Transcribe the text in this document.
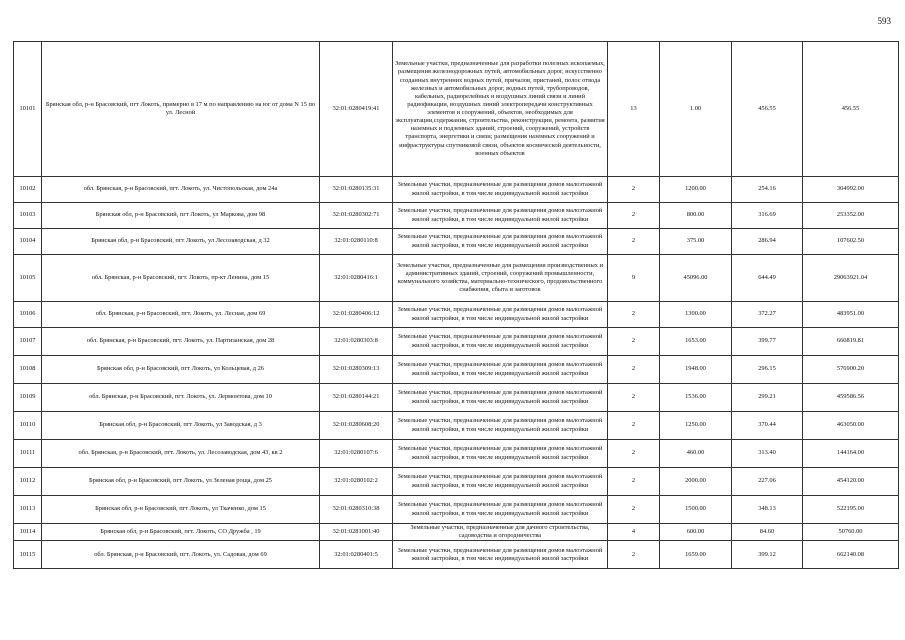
593
10101	Брянская обл, р-н Брасовский, пгт Локоть, примерно в 17 м по направлению на юг от дома N 15 по ул. Лесной	32:01:0280419:41	Земельные участки, предназначенные для разработки полезных ископаемых, размещения железнодорожных путей, автомобильных дорог, искусственно созданных внутренних водных путей, причалов, пристаней, полос отвода железных и автомобильных дорог, водных путей, трубопроводов, кабельных, радиорелейных и воздушных линий связи и линий радиофикации, воздушных линий электропередачи конструктивных элементов и сооружений, объектов, необходимых для эксплуатации,содержания, строительства, реконструкции, ремонта, развития наземных и подземных зданий, строений, сооружений, устройств транспорта, энергетики и связи; размещения наземных сооружений и инфраструктуры спутниковой связи, объектов космической деятельности, военных объектов	13	1.00	456.55	456.55
10102	обл. Брянская, р-н Брасовский, пгт. Локоть, ул. Чистопольская, дом 24а	32:01:0280135:31	Земельные участки, предназначенные для размещения домов малоэтажной жилой застройки, в том числе индивидуальной жилой застройки	2	1200.00	254.16	304992.00
10103	Брянская обл, р-н Брасовский, пгт Локоть, ул Маркова, дом 98	32:01:0280302:71	Земельные участки, предназначенные для размещения домов малоэтажной жилой застройки, в том числе индивидуальной жилой застройки	2	800.00	316.69	253352.00
10104	Брянская обл, р-н Брасовский, пгт Локоть, ул Лесозаводская, д 32	32:01:0280110:8	Земельные участки, предназначенные для размещения домов малоэтажной жилой застройки, в том числе индивидуальной жилой застройки	2	375.00	286.94	107602.50
10105	обл. Брянская, р-н Брасовский, пгт. Локоть, пр-кт Ленина, дом 15	32:01:0280416:1	Земельные участки, предназначенные для размещения производственных и административных зданий, строений, сооружений промышленности, коммунального хозяйства, материально-технического, продовольственного снабжения, сбыта и заготовок	9	45096.00	644.49	29063921.04
10106	обл. Брянская, р-н Брасовский, пгт. Локоть, ул. Лесная, дом 69	32:01:0280406:12	Земельные участки, предназначенные для размещения домов малоэтажной жилой застройки, в том числе индивидуальной жилой застройки	2	1300.00	372.27	483951.00
10107	обл. Брянская, р-н Брасовский, пгт. Локоть, ул. Партизанская, дом 28	32:01:0280303:8	Земельные участки, предназначенные для размещения домов малоэтажной жилой застройки, в том числе индивидуальной жилой застройки	2	1653.00	399.77	660819.81
10108	Брянская обл, р-н Брасовский, пгт Локоть, ул Кольцевая, д 26	32:01:0280309:13	Земельные участки, предназначенные для размещения домов малоэтажной жилой застройки, в том числе индивидуальной жилой застройки	2	1948.00	296.15	576900.20
10109	обл. Брянская, р-н Брасовский, пгт. Локоть, ул. Лермонтова, дом 10	32:01:0280144:21	Земельные участки, предназначенные для размещения домов малоэтажной жилой застройки, в том числе индивидуальной жилой застройки	2	1536.00	299.21	459586.56
10110	Брянская обл, р-н Брасовский, пгт Локоть, ул Заводская, д 3	32:01:0280608:20	Земельные участки, предназначенные для размещения домов малоэтажной жилой застройки, в том числе индивидуальной жилой застройки	2	1250.00	370.44	463050.00
10111	обл. Брянская, р-н Брасовский, пгт. Локоть, ул. Лесозаводская, дом 43, кв 2	32:01:0280107:6	Земельные участки, предназначенные для размещения домов малоэтажной жилой застройки, в том числе индивидуальной жилой застройки	2	460.00	313.40	144164.00
10112	Брянская обл, р-н Брасовский, пгт Локоть, ул Зеленая роща, дом 25	32:01:0280102:2	Земельные участки, предназначенные для размещения домов малоэтажной жилой застройки, в том числе индивидуальной жилой застройки	2	2000.00	227.06	454120.00
10113	Брянская обл, р-н Брасовский, пгт Локоть, ул Ткаченко, дом 15	32:01:0280310:38	Земельные участки, предназначенные для размещения домов малоэтажной жилой застройки, в том числе индивидуальной жилой застройки	2	1500.00	348.13	522195.00
10114	Брянская обл, р-н Брасовский, пгт. Локоть, СО Дружба , 19	32:01:0281001:40	Земельные участки, предназначенные для дачного строительства, садоводства и огородничества	4	600.00	84.60	50760.00
10115	обл. Брянская, р-н Брасовский, пгт. Локоть, ул. Садовая, дом 69	32:01:0280401:5	Земельные участки, предназначенные для размещения домов малоэтажной жилой застройки, в том числе индивидуальной жилой застройки	2	1659.00	399.12	662140.08
